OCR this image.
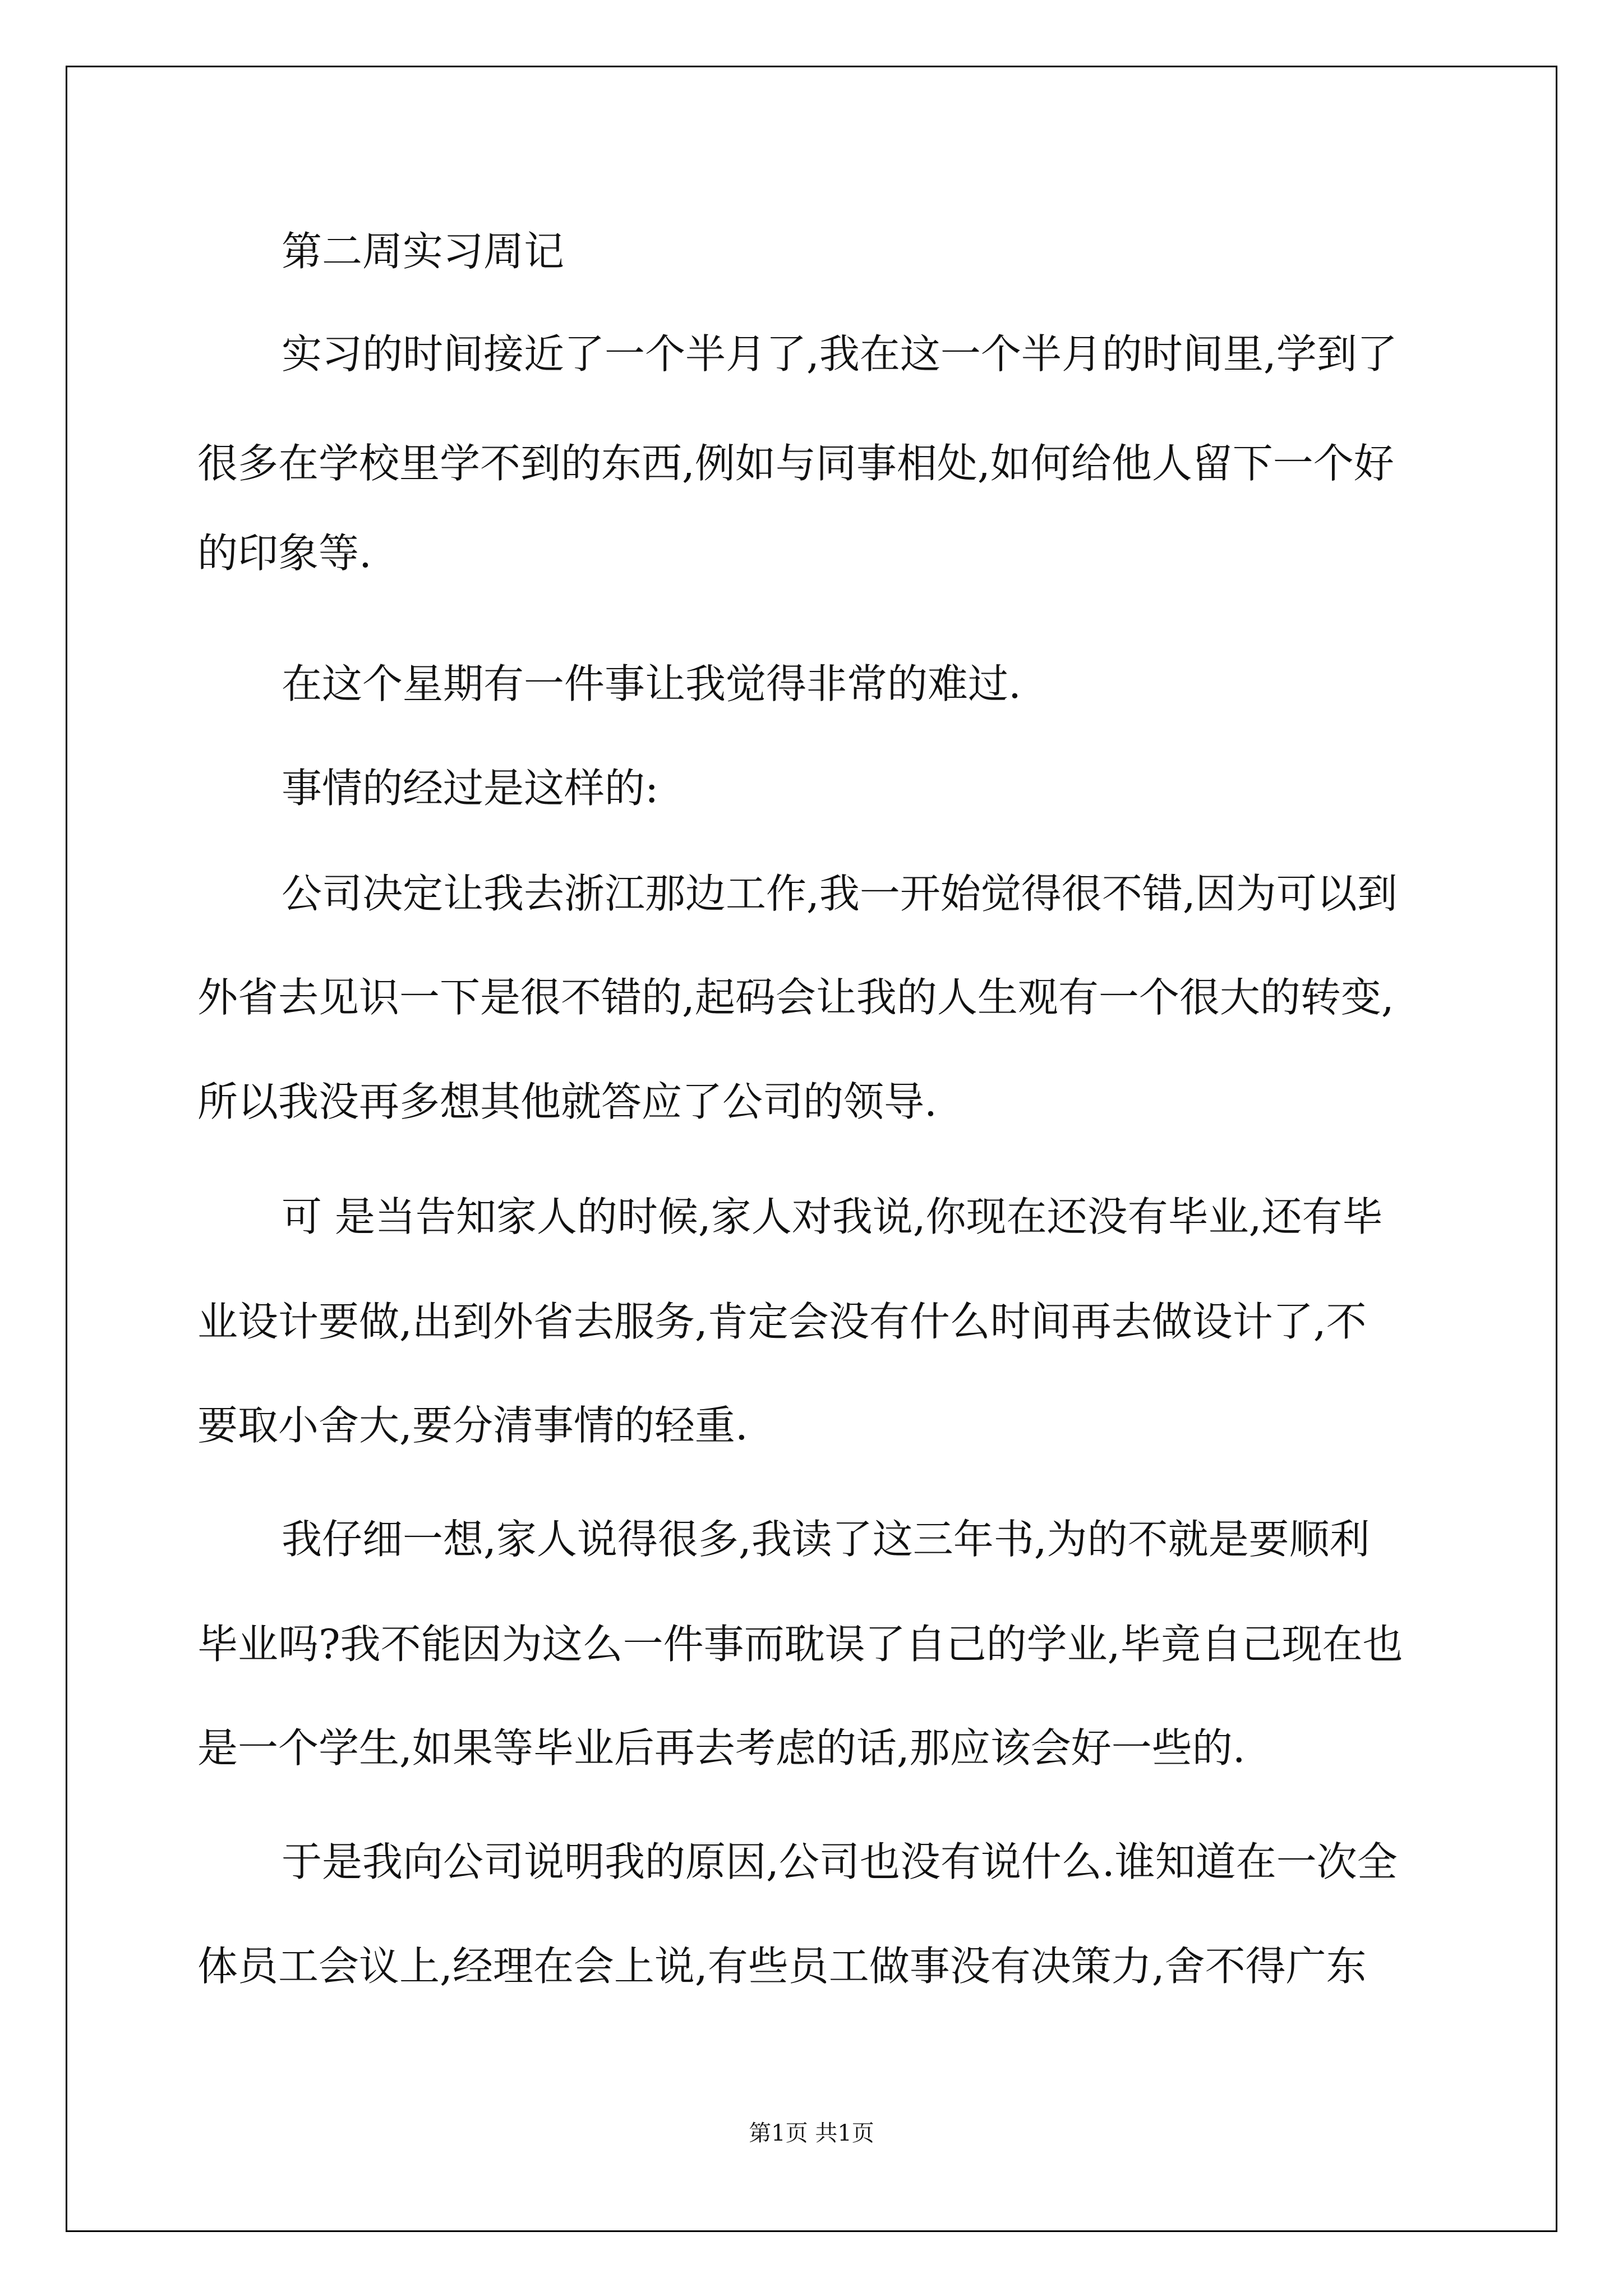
第二周实习周记
实习的时间接近了一个半月了,我在这一个半月的时间里,学到了
很多在学校里学不到的东西,例如与同事相处,如何给他人留下一个好
的印象等.
在这个星期有一件事让我觉得非常的难过.
事情的经过是这样的:
公司决定让我去浙江那边工作,我一开始觉得很不错,因为可以到
外省去见识一下是很不错的,起码会让我的人生观有一个很大的转变,
所以我没再多想其他就答应了公司的领导.
可 是当告知家人的时候,家人对我说,你现在还没有毕业,还有毕
业设计要做,出到外省去服务,肯定会没有什么时间再去做设计了,不
要取小舍大,要分清事情的轻重.
我仔细一想,家人说得很多,我读了这三年书,为的不就是要顺利
毕业吗?我不能因为这么一件事而耽误了自己的学业,毕竟自己现在也
是一个学生,如果等毕业后再去考虑的话,那应该会好一些的.
于是我向公司说明我的原因,公司也没有说什么.谁知道在一次全
体员工会议上,经理在会上说,有些员工做事没有决策力,舍不得广东
第1页 共1页
